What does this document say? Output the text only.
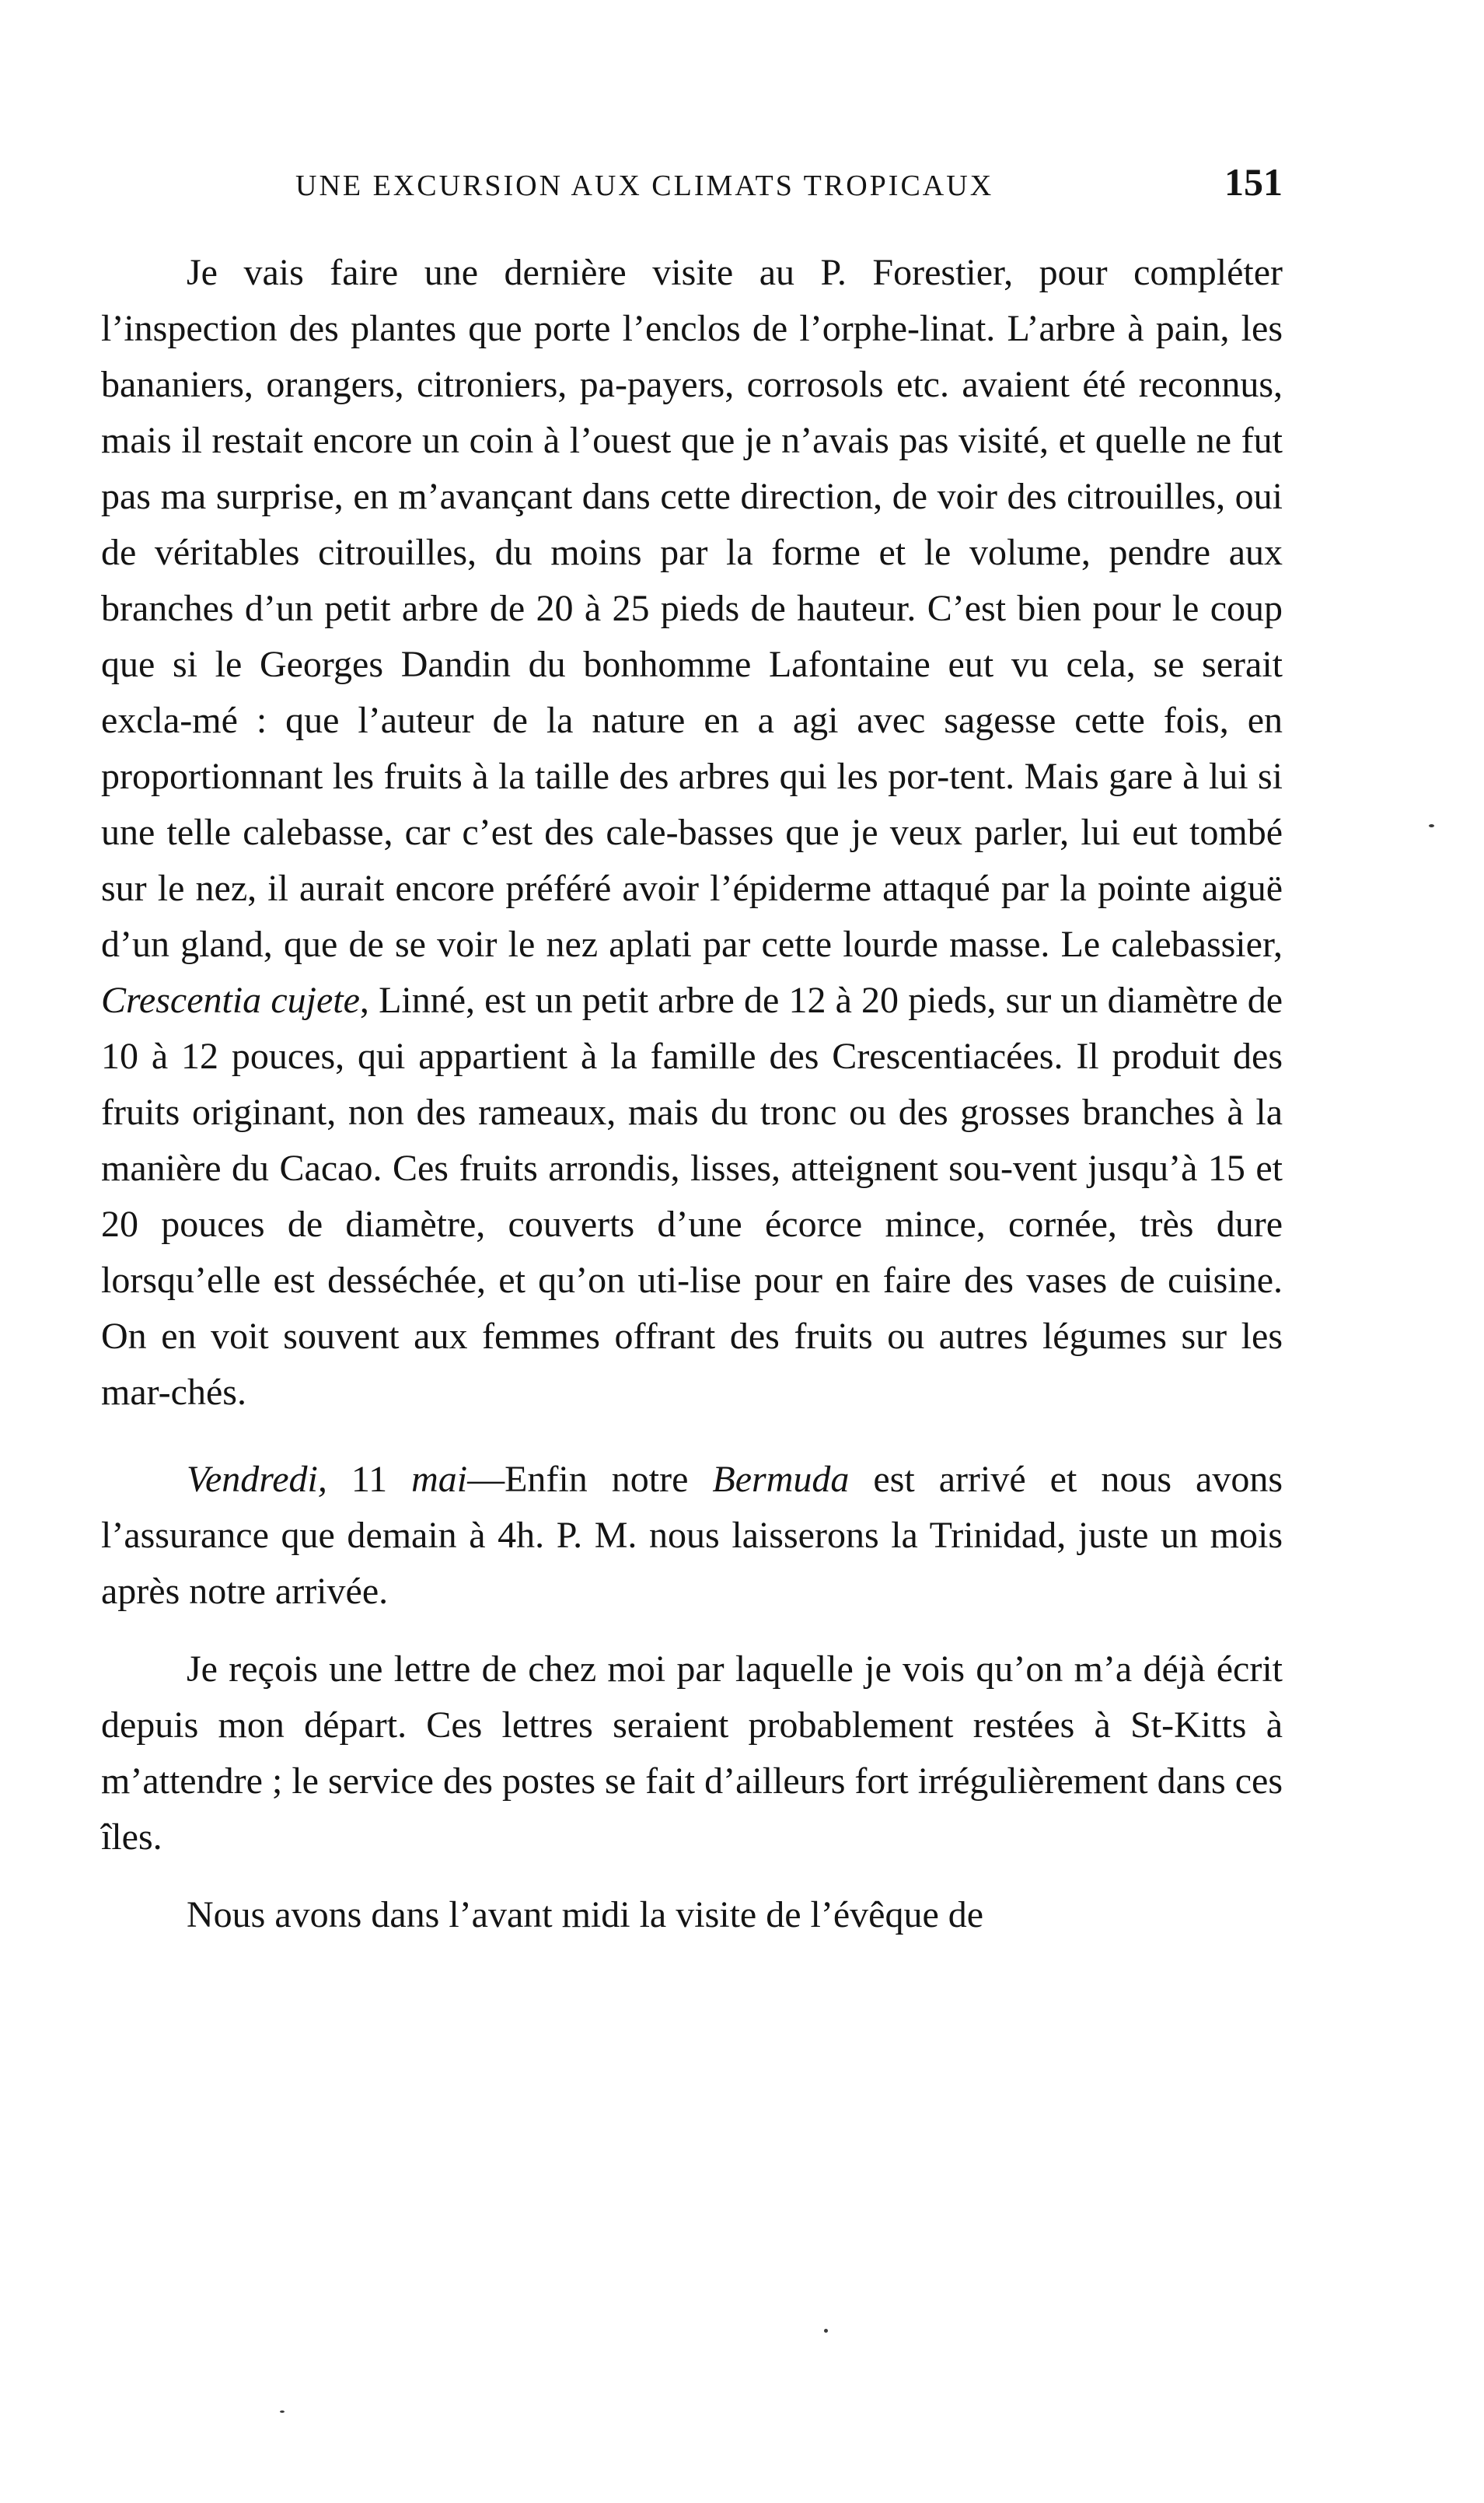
UNE EXCURSION AUX CLIMATS TROPICAUX	151

Je vais faire une dernière visite au P. Forestier, pour compléter l’inspection des plantes que porte l’enclos de l’orphe-linat. L’arbre à pain, les bananiers, orangers, citroniers, pa-payers, corrosols etc. avaient été reconnus, mais il restait encore un coin à l’ouest que je n’avais pas visité, et quelle ne fut pas ma surprise, en m’avançant dans cette direction, de voir des citrouilles, oui de véritables citrouilles, du moins par la forme et le volume, pendre aux branches d’un petit arbre de 20 à 25 pieds de hauteur. C’est bien pour le coup que si le Georges Dandin du bonhomme Lafontaine eut vu cela, se serait excla-mé : que l’auteur de la nature en a agi avec sagesse cette fois, en proportionnant les fruits à la taille des arbres qui les por-tent. Mais gare à lui si une telle calebasse, car c’est des cale-basses que je veux parler, lui eut tombé sur le nez, il aurait encore préféré avoir l’épiderme attaqué par la pointe aiguë d’un gland, que de se voir le nez aplati par cette lourde masse. Le calebassier, Crescentia cujete, Linné, est un petit arbre de 12 à 20 pieds, sur un diamètre de 10 à 12 pouces, qui appartient à la famille des Crescentiacées. Il produit des fruits originant, non des rameaux, mais du tronc ou des grosses branches à la manière du Cacao. Ces fruits arrondis, lisses, atteignent sou-vent jusqu’à 15 et 20 pouces de diamètre, couverts d’une écorce mince, cornée, très dure lorsqu’elle est desséchée, et qu’on uti-lise pour en faire des vases de cuisine. On en voit souvent aux femmes offrant des fruits ou autres légumes sur les mar-chés.

Vendredi, 11 mai—Enfin notre Bermuda est arrivé et nous avons l’assurance que demain à 4h. P. M. nous laisserons la Trinidad, juste un mois après notre arrivée.

Je reçois une lettre de chez moi par laquelle je vois qu’on m’a déjà écrit depuis mon départ. Ces lettres seraient probablement restées à St-Kitts à m’attendre ; le service des postes se fait d’ailleurs fort irrégulièrement dans ces îles.

Nous avons dans l’avant midi la visite de l’évêque de
